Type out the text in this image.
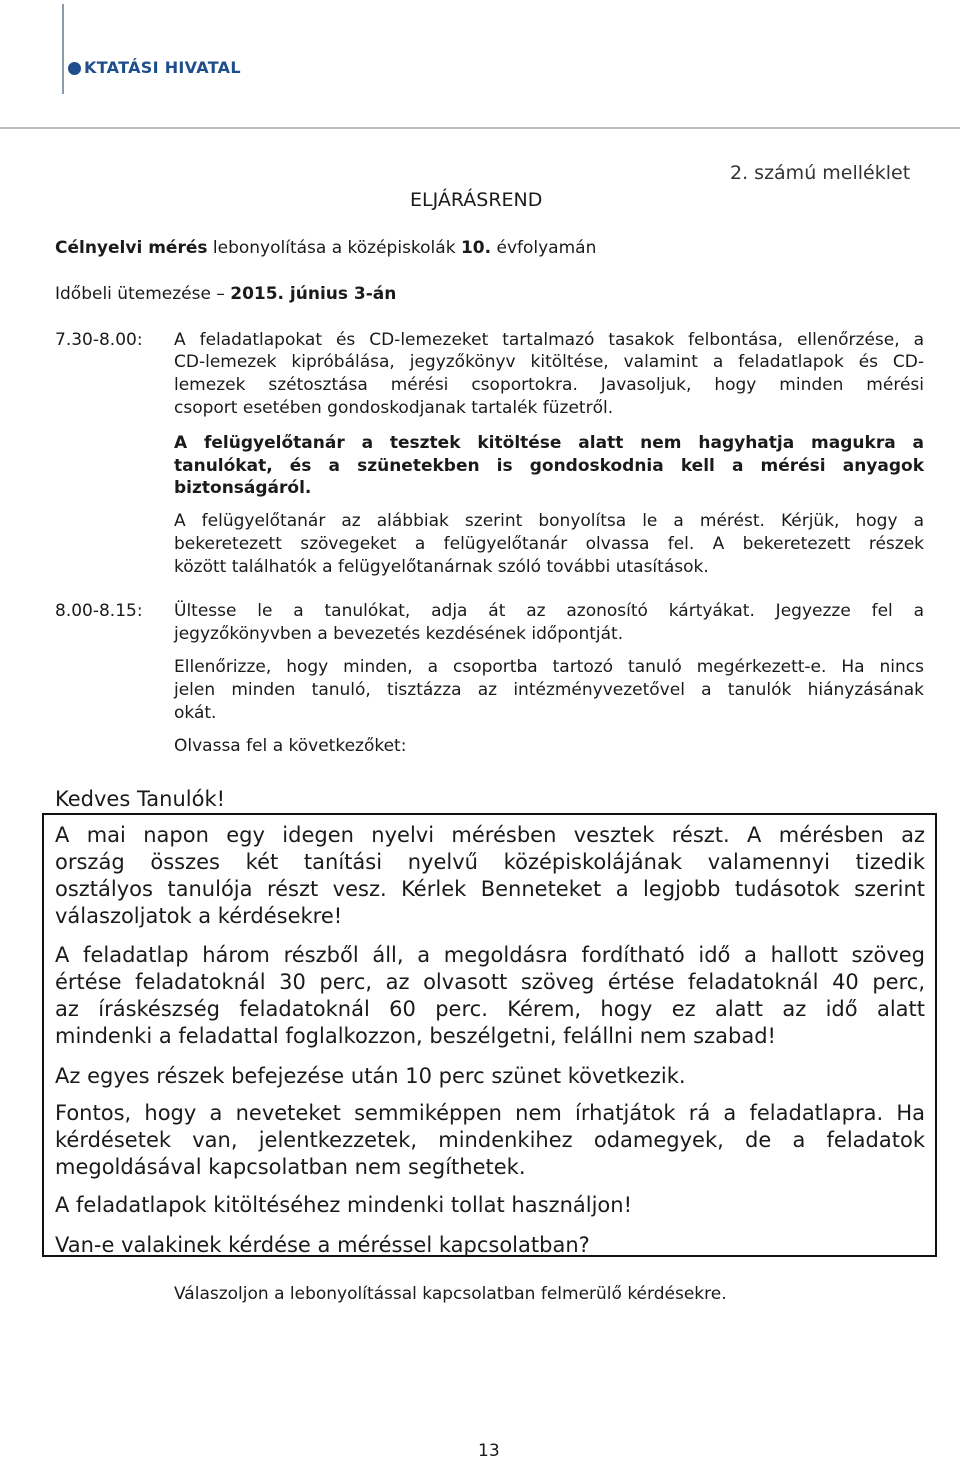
KTATÁSI HIVATAL
2. számú melléklet
ELJÁRÁSREND
Célnyelvi mérés lebonyolítása a középiskolák 10. évfolyamán
Időbeli ütemezése – 2015. június 3-án
7.30-8.00: A feladatlapokat és CD-lemezeket tartalmazó tasakok felbontása, ellenőrzése, a
CD-lemezek kipróbálása, jegyzőkönyv kitöltése, valamint a feladatlapok és CD-
lemezek szétosztása mérési csoportokra. Javasoljuk, hogy minden mérési
csoport esetében gondoskodjanak tartalék füzetről.
A felügyelőtanár a tesztek kitöltése alatt nem hagyhatja magukra a
tanulókat, és a szünetekben is gondoskodnia kell a mérési anyagok
biztonságáról.
A felügyelőtanár az alábbiak szerint bonyolítsa le a mérést. Kérjük, hogy a
bekeretezett szövegeket a felügyelőtanár olvassa fel. A bekeretezett részek
között találhatók a felügyelőtanárnak szóló további utasítások.
8.00-8.15: Ültesse le a tanulókat, adja át az azonosító kártyákat. Jegyezze fel a
jegyzőkönyvben a bevezetés kezdésének időpontját.
Ellenőrizze, hogy minden, a csoportba tartozó tanuló megérkezett-e. Ha nincs
jelen minden tanuló, tisztázza az intézményvezetővel a tanulók hiányzásának
okát.
Olvassa fel a következőket:
Kedves Tanulók!
A mai napon egy idegen nyelvi mérésben vesztek részt. A mérésben az
ország összes két tanítási nyelvű középiskolájának valamennyi tizedik
osztályos tanulója részt vesz. Kérlek Benneteket a legjobb tudásotok szerint
válaszoljatok a kérdésekre!
A feladatlap három részből áll, a megoldásra fordítható idő a hallott szöveg
értése feladatoknál 30 perc, az olvasott szöveg értése feladatoknál 40 perc,
az íráskészség feladatoknál 60 perc. Kérem, hogy ez alatt az idő alatt
mindenki a feladattal foglalkozzon, beszélgetni, felállni nem szabad!
Az egyes részek befejezése után 10 perc szünet következik.
Fontos, hogy a neveteket semmiképpen nem írhatjátok rá a feladatlapra. Ha
kérdésetek van, jelentkezzetek, mindenkihez odamegyek, de a feladatok
megoldásával kapcsolatban nem segíthetek.
A feladatlapok kitöltéséhez mindenki tollat használjon!
Van-e valakinek kérdése a méréssel kapcsolatban?
Válaszoljon a lebonyolítással kapcsolatban felmerülő kérdésekre.
13
